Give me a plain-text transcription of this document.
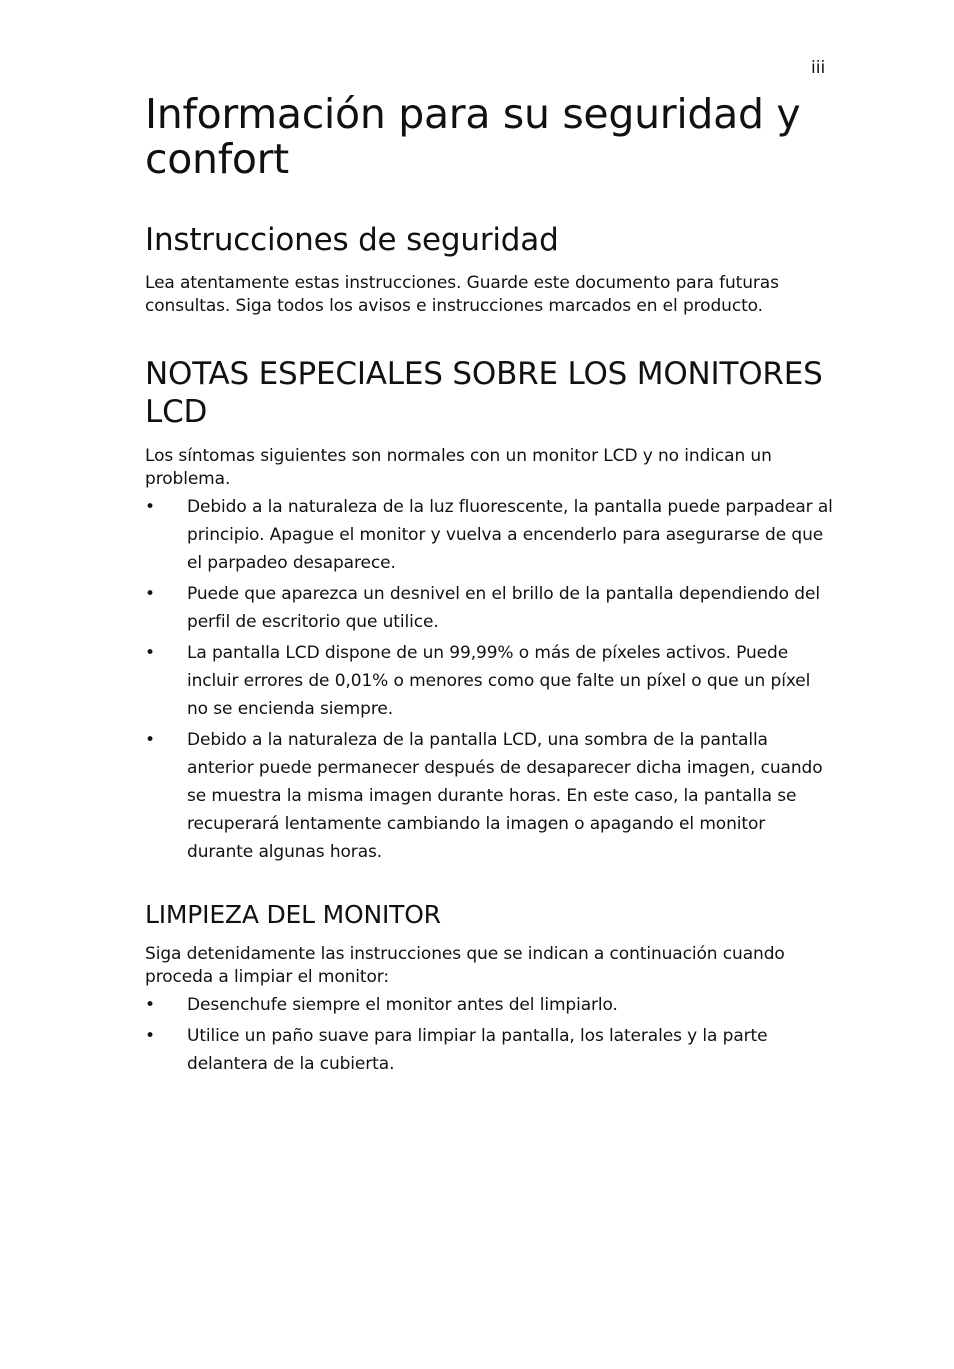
iii
Información para su seguridad y confort
Instrucciones de seguridad

Lea atentamente estas instrucciones. Guarde este documento para futuras consultas. Siga todos los avisos e instrucciones marcados en el producto.

NOTAS ESPECIALES SOBRE LOS MONITORES LCD

Los síntomas siguientes son normales con un monitor LCD y no indican un problema.

• Debido a la naturaleza de la luz fluorescente, la pantalla puede parpadear al principio. Apague el monitor y vuelva a encenderlo para asegurarse de que el parpadeo desaparece.
• Puede que aparezca un desnivel en el brillo de la pantalla dependiendo del perfil de escritorio que utilice.
• La pantalla LCD dispone de un 99,99% o más de píxeles activos. Puede incluir errores de 0,01% o menores como que falte un píxel o que un píxel no se encienda siempre.
• Debido a la naturaleza de la pantalla LCD, una sombra de la pantalla anterior puede permanecer después de desaparecer dicha imagen, cuando se muestra la misma imagen durante horas. En este caso, la pantalla se recuperará lentamente cambiando la imagen o apagando el monitor durante algunas horas.
LIMPIEZA DEL MONITOR

Siga detenidamente las instrucciones que se indican a continuación cuando proceda a limpiar el monitor:

• Desenchufe siempre el monitor antes del limpiarlo.
• Utilice un paño suave para limpiar la pantalla, los laterales y la parte delantera de la cubierta.
